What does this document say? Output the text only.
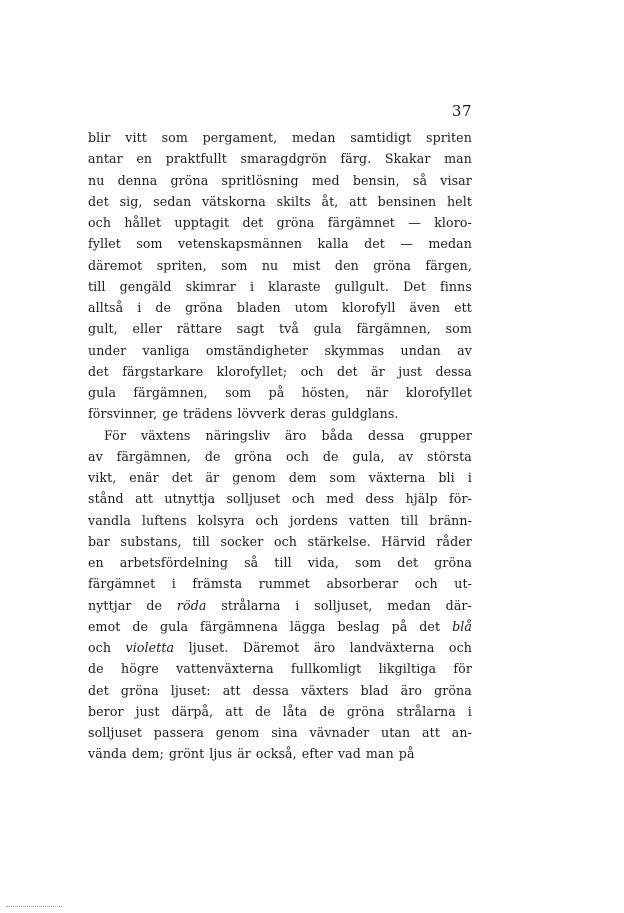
37
blir vitt som pergament, medan samtidigt spriten
antar en praktfullt smaragdgrön färg. Skakar man
nu denna gröna spritlösning med bensin, så visar
det sig, sedan vätskorna skilts åt, att bensinen helt
och hållet upptagit det gröna färgämnet — kloro-
fyllet som vetenskapsmännen kalla det — medan
däremot spriten, som nu mist den gröna färgen,
till gengäld skimrar i klaraste gullgult. Det finns
alltså i de gröna bladen utom klorofyll även ett
gult, eller rättare sagt två gula färgämnen, som
under vanliga omständigheter skymmas undan av
det färgstarkare klorofyllet; och det är just dessa
gula färgämnen, som på hösten, när klorofyllet
försvinner, ge trädens lövverk deras guldglans.
För växtens näringsliv äro båda dessa grupper
av färgämnen, de gröna och de gula, av största
vikt, enär det är genom dem som växterna bli i
stånd att utnyttja solljuset och med dess hjälp för-
vandla luftens kolsyra och jordens vatten till bränn-
bar substans, till socker och stärkelse. Härvid råder
en arbetsfördelning så till vida, som det gröna
färgämnet i främsta rummet absorberar och ut-
nyttjar de röda strålarna i solljuset, medan där-
emot de gula färgämnena lägga beslag på det blå
och violetta ljuset. Däremot äro landväxterna och
de högre vattenväxterna fullkomligt likgiltiga för
det gröna ljuset: att dessa växters blad äro gröna
beror just därpå, att de låta de gröna strålarna i
solljuset passera genom sina vävnader utan att an-
vända dem; grönt ljus är också, efter vad man på
